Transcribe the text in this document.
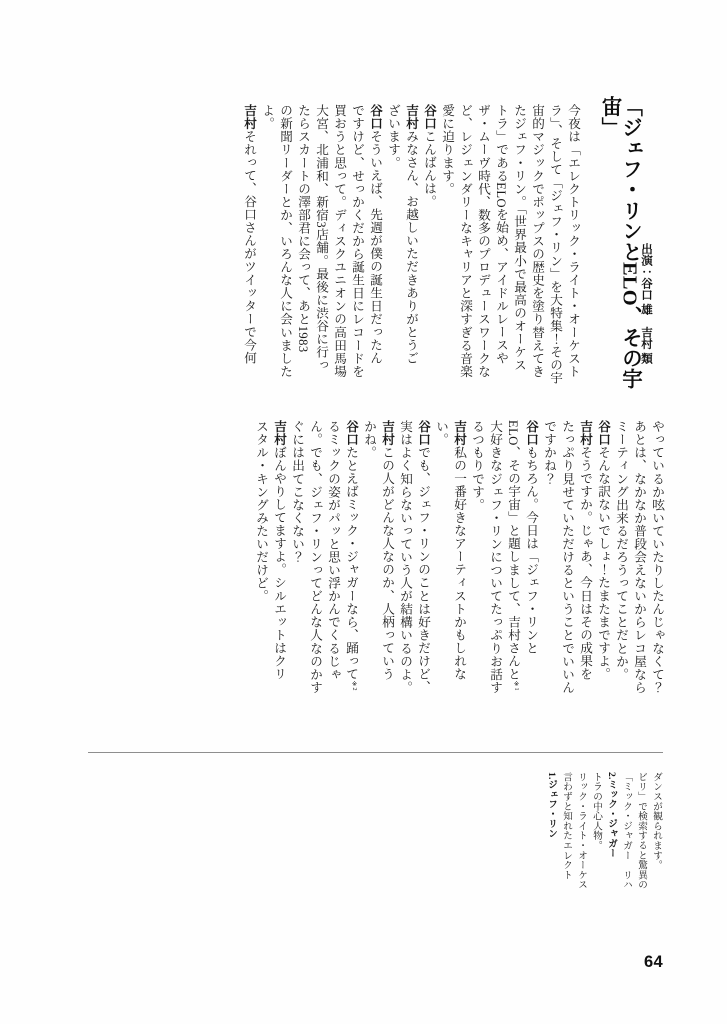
「ジェフ・リンとELO、その宇宙」
出演：谷口 雄　吉村 類
今夜は「エレクトリック・ライト・オーケスト
ラ」、そして「ジェフ・リン」を大特集！その宇
宙的マジックでポップスの歴史を塗り替えてき
たジェフ・リン。「世界最小で最高のオーケス
トラ」であるELOを始め、アイドルレースや
ザ・ムーヴ時代、数多のプロデュースワークな
ど、レジェンダリーなキャリアと深すぎる音楽
愛に迫ります。
谷口こんばんは。
吉村みなさん、お越しいただきありがとうご
ざいます。
谷口そういえば、先週が僕の誕生日だったん
ですけど、せっかくだから誕生日にレコードを
買おうと思って。ディスクユニオンの高田馬場
大宮、北浦和、新宿3店舗。最後に渋谷に行っ
たらスカートの澤部君に会って、あと1983
の新聞リーダーとか、いろんな人に会いました
よ。
吉村それって、谷口さんがツイッターで今何
やっているか呟いていたりしたんじゃなくて？
あとは、なかなか普段会えないからレコ屋なら
ミーティング出来るだろうってことだとか。
谷口そんな訳ないでしょ！たまたまですよ。
吉村そうですか。じゃあ、今日はその成果を
たっぷり見せていただけるということでいいん
ですかね？
谷口もちろん。今日は「ジェフ・リンと
ELO、その宇宙」と題しまして、吉村さんと$^{※1}$
大好きなジェフ・リンについてたっぷりお話す
るつもりです。
吉村私の一番好きなアーティストかもしれな
い。
谷口でも、ジェフ・リンのことは好きだけど、
実はよく知らないっていう人が結構いるのよ。
吉村この人がどんな人なのか、人柄っていう
かね。
谷口たとえばミック・ジャガーなら、踊って$^{※2}$
るミックの姿がパッと思い浮かんでくるじゃ
ん。でも、ジェフ・リンってどんな人なのかす
ぐには出てこなくない？
吉村ぼんやりしてますよ。シルエットはクリ
スタル・キングみたいだけど。
1.ジェフ・リン 言わずと知れたエレクト リック・ライト・オーケス トラの中心人物。 2.ミック・ジャガー 「ミック・ジャガー　リハ ビリ」で検索すると驚異の ダンスが観られます。
64
